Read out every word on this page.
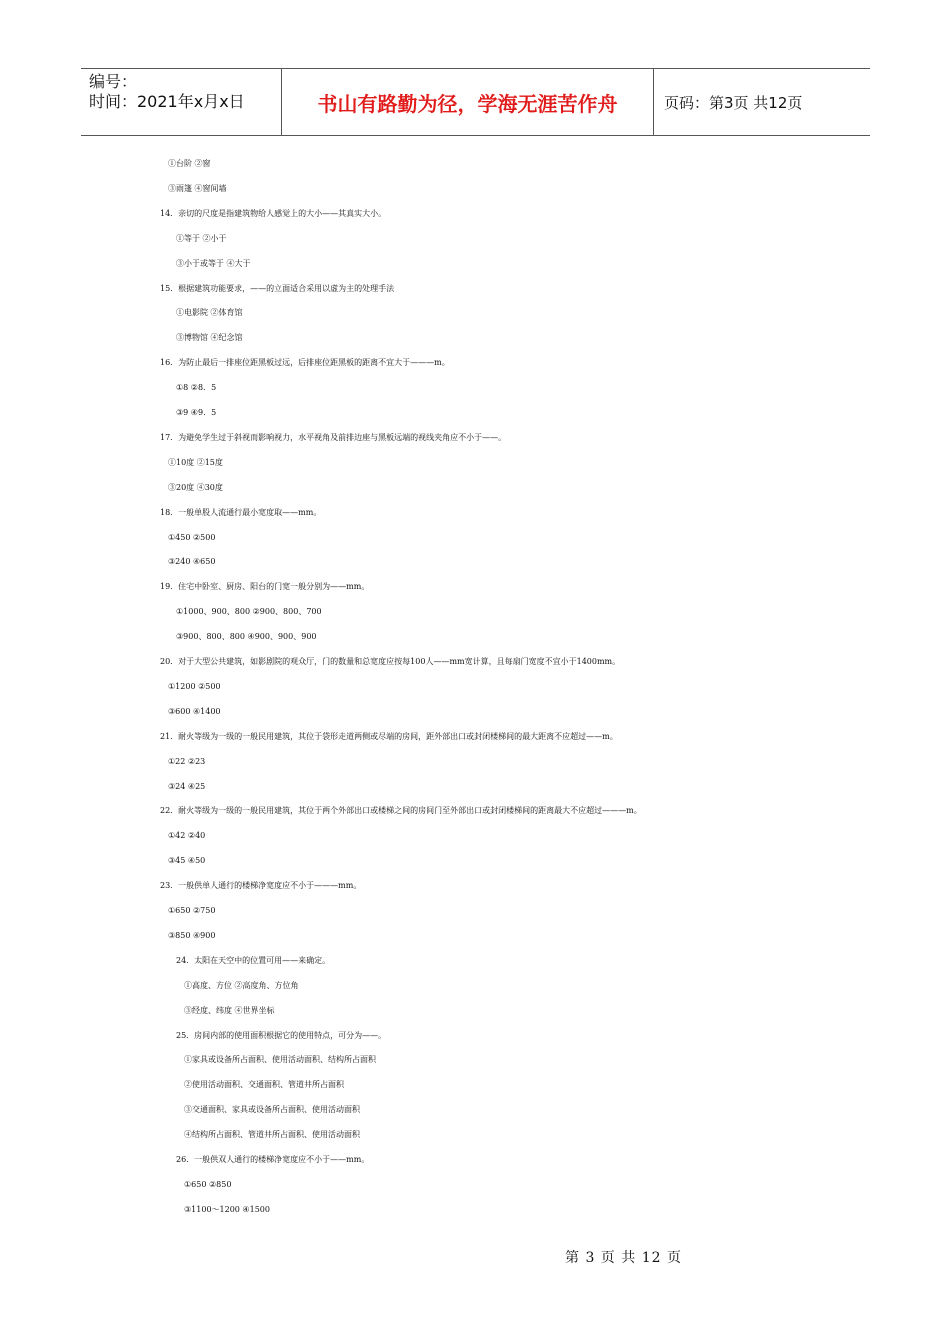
编号：
时间：2021年x月x日	书山有路勤为径，学海无涯苦作舟	页码：第3页 共12页
①台阶 ②窗
③雨篷 ④窗间墙
14．亲切的尺度是指建筑物给人感觉上的大小——其真实大小。
①等于 ②小于
③小于或等于 ④大于
15．根据建筑功能要求，——的立面适合采用以虚为主的处理手法
①电影院 ②体育馆
③博物馆 ④纪念馆
16．为防止最后一排座位距黑板过远，后排座位距黑板的距离不宜大于———m。
①8 ②8．5
③9 ④9．5
17．为避免学生过于斜视而影响视力，水平视角及前排边座与黑板远端的视线夹角应不小于——。
①10度 ②15度
③20度 ④30度
18．一般单股人流通行最小宽度取——mm。
①450 ②500
③240 ④650
19．住宅中卧室、厨房、阳台的门宽一般分别为——mm。
①1000、900、800 ②900、800、700
③900、800、800 ④900、900、900
20．对于大型公共建筑，如影剧院的观众厅，门的数量和总宽度应按每100人——mm宽计算，且每扇门宽度不宜小于1400mm。
①1200 ②500
③600 ④1400
21．耐火等级为一级的一般民用建筑，其位于袋形走道两侧或尽端的房间，距外部出口或封闭楼梯间的最大距离不应超过——m。
①22 ②23
③24 ④25
22．耐火等级为一级的一般民用建筑，其位于两个外部出口或楼梯之间的房间门至外部出口或封闭楼梯间的距离最大不应超过———m。
①42 ②40
③45 ④50
23．一般供单人通行的楼梯净宽度应不小于———mm。
①650 ②750
③850 ④900
24．太阳在天空中的位置可用——来确定。
①高度、方位 ②高度角、方位角
③经度、纬度 ④世界坐标
25．房间内部的使用面积根据它的使用特点，可分为——。
①家具或设备所占面积、使用活动面积、结构所占面积
②使用活动面积、交通面积、管道井所占面积
③交通面积、家具或设备所占面积、使用活动面积
④结构所占面积、管道井所占面积、使用活动面积
26．一般供双人通行的楼梯净宽度应不小于——mm。
①650 ②850
③1100～1200 ④1500
第 3 页 共 12 页
